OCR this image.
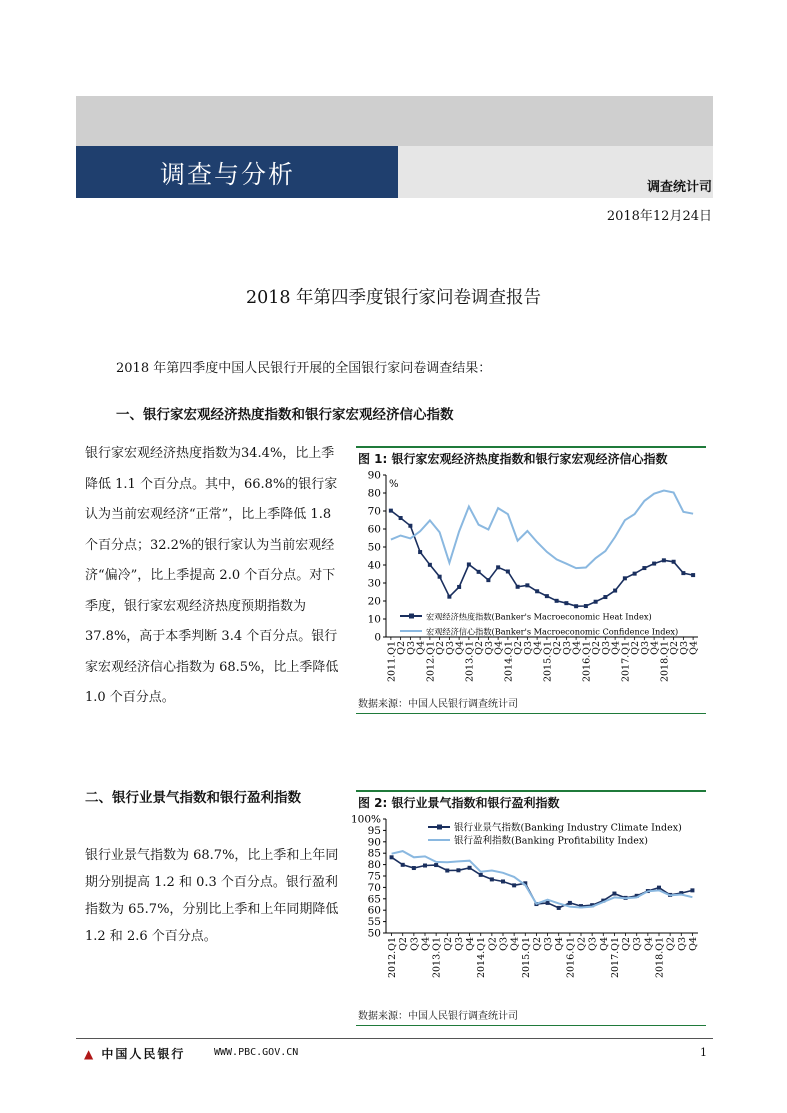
调查与分析	调查统计司
2018年12月24日
2018 年第四季度银行家问卷调查报告
2018 年第四季度中国人民银行开展的全国银行家问卷调查结果：
一、银行家宏观经济热度指数和银行家宏观经济信心指数
银行家宏观经济热度指数为34.4%，比上季降低 1.1 个百分点。其中，66.8%的银行家认为当前宏观经济“正常”，比上季降低 1.8 个百分点；32.2%的银行家认为当前宏观经济“偏冷”，比上季提高 2.0 个百分点。对下季度，银行家宏观经济热度预期指数为37.8%，高于本季判断 3.4 个百分点。银行家宏观经济信心指数为 68.5%，比上季降低 1.0 个百分点。
二、银行业景气指数和银行盈利指数
银行业景气指数为 68.7%，比上季和上年同期分别提高 1.2 和 0.3 个百分点。银行盈利指数为 65.7%，分别比上季和上年同期降低 1.2 和 2.6 个百分点。
图 1: 银行家宏观经济热度指数和银行家宏观经济信心指数
0
10
20
30
40
50
60
70
80
90
%
2011.Q1
Q2
Q3
Q4
2012.Q1
Q2
Q3
Q4
2013.Q1
Q2
Q3
Q4
2014.Q1
Q2
Q3
Q4
2015.Q1
Q2
Q3
Q4
2016.Q1
Q2
Q3
Q4
2017.Q1
Q2
Q3
Q4
2018.Q1
Q2
Q3
Q4
宏观经济热度指数(Banker's Macroeconomic Heat Index)
宏观经济信心指数(Banker's Macroeconomic Confidence Index)
数据来源：中国人民银行调查统计司
图 2: 银行业景气指数和银行盈利指数
50
55
60
65
70
75
80
85
90
95
100%
2012.Q1 Q2 Q3 Q4 2013.Q1 Q2 Q3 Q4 2014.Q1 Q2 Q3 Q4 2015.Q1 Q2 Q3 Q4 2016.Q1 Q2 Q3 Q4 2017.Q1 Q2 Q3 Q4 2018.Q1 Q2 Q3 Q4
银行业景气指数(Banking Industry Climate Index)
银行盈利指数(Banking Profitability Index)
数据来源：中国人民银行调查统计司
▲ 中国人民银行	WWW.PBC.GOV.CN	1
